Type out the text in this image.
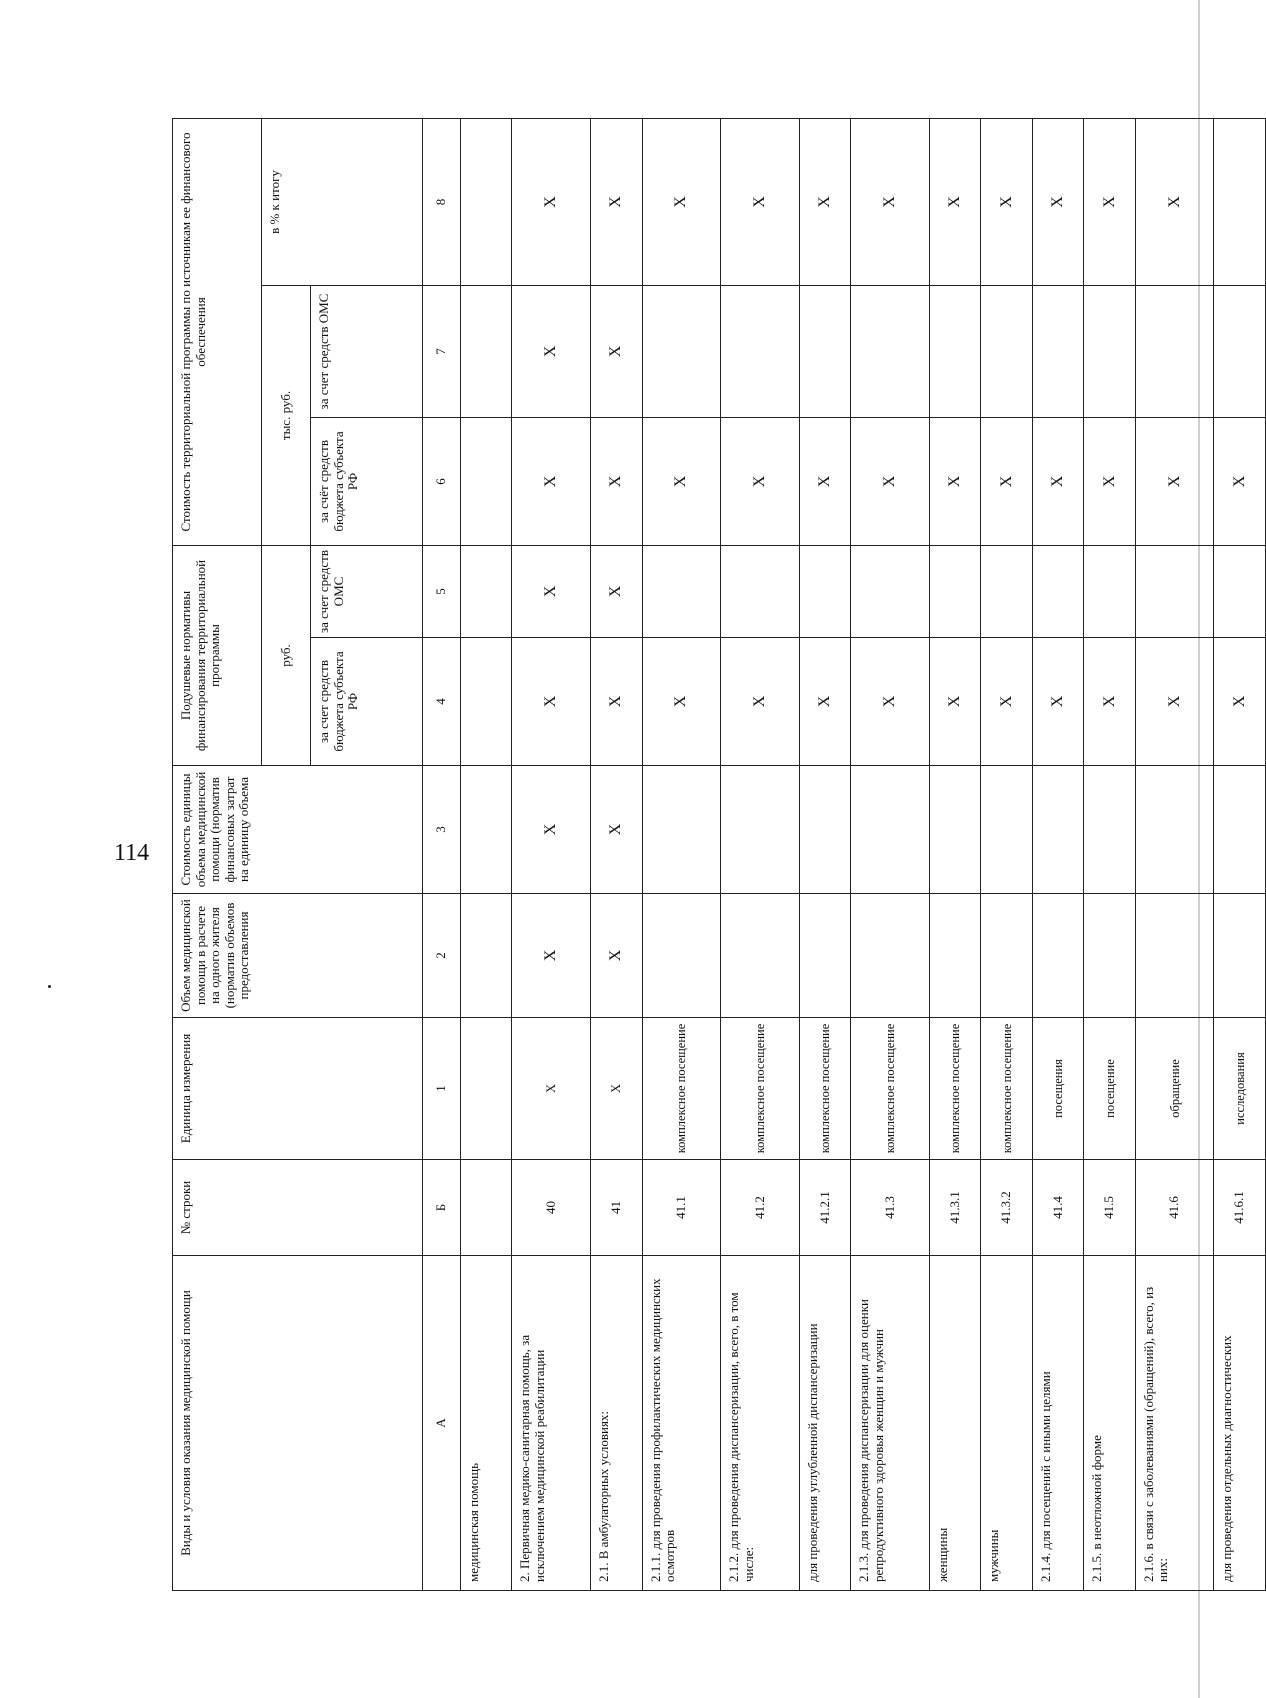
114
Виды и условия оказания медицинской помощи	№ строки	Единица измерения	Объем медицинской помощи в расчете на одного жителя (норматив объемов предоставления	Стоимость единицы объема медицинской помощи (норматив финансовых затрат на единицу объема	Подушевые нормативы финансирования территориальной программы		Стоимость территориальной программы по источникам ее финансового обеспечения		
					руб.		тыс. руб.		в % к итогу
					за счет средств бюджета субъекта РФ	за счет средств ОМС	за счёт средств бюджета субъекта РФ	за счет средств ОМС	
А	Б	1	2	3	4	5	6	7	8
медицинская помощь									
2. Первичная медико-санитарная помощь, за исключением медицинской реабилитации	40	X	X	X	X	X	X	X	X
2.1. В амбулаторных условиях:	41	X	X	X	X	X	X	X	X
2.1.1. для проведения профилактических медицинских осмотров	41.1	комплексное посещение			X		X		X
2.1.2. для проведения диспансеризации, всего, в том числе:	41.2	комплексное посещение			X		X		X
для проведения углубленной диспансеризации	41.2.1	комплексное посещение			X		X		X
2.1.3. для проведения диспансеризации для оценки репродуктивного здоровья женщин и мужчин	41.3	комплексное посещение			X		X		X
женщины	41.3.1	комплексное посещение			X		X		X
мужчины	41.3.2	комплексное посещение			X		X		X
2.1.4. для посещений с иными целями	41.4	посещения			X		X		X
2.1.5. в неотложной форме	41.5	посещение			X		X		X
2.1.6. в связи с заболеваниями (обращений), всего, из них:	41.6	обращение			X		X		X
для проведения отдельных диагностических	41.6.1	исследования			X		X		
